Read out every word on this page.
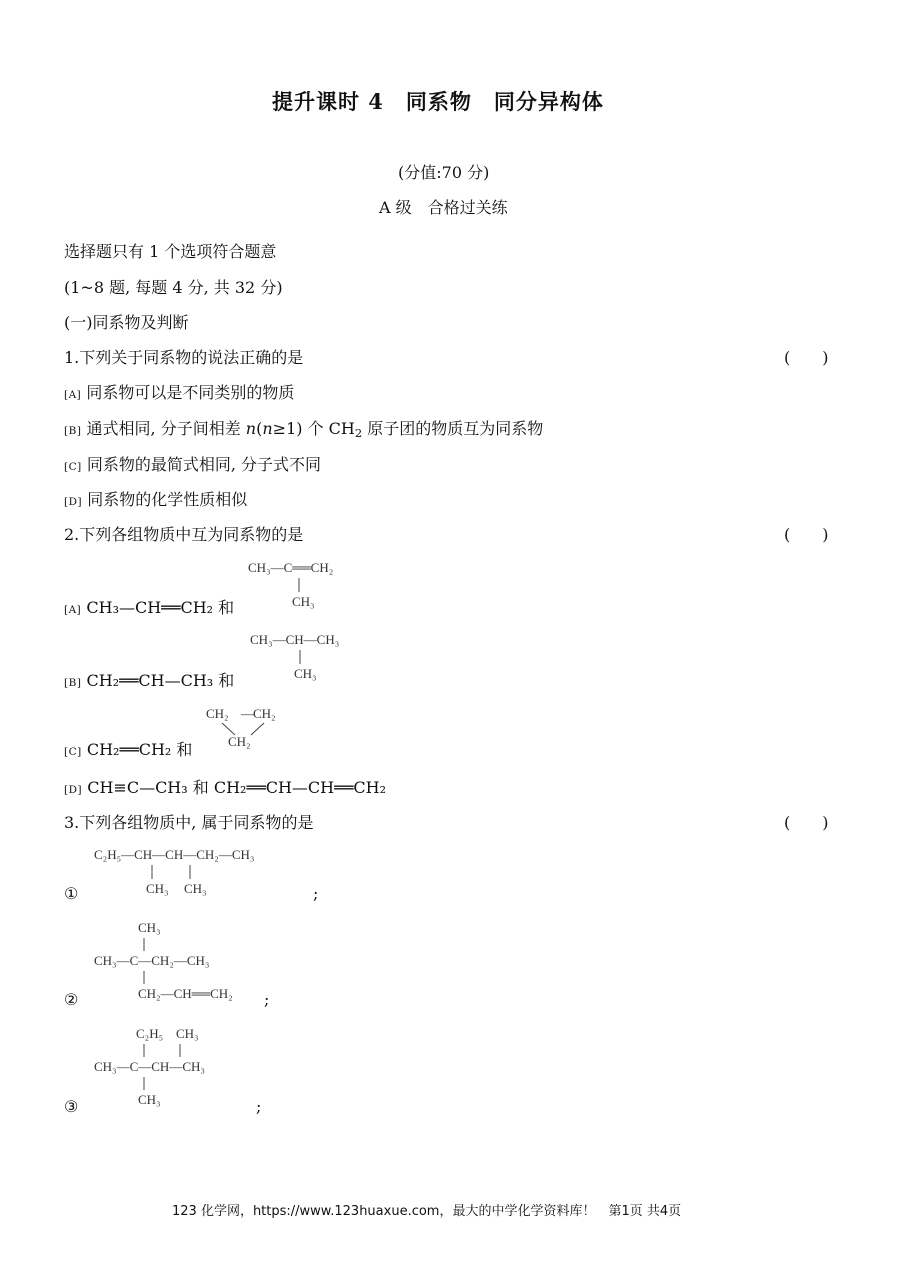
提升课时 4　同系物　同分异构体
(分值:70 分)
A 级　合格过关练
选择题只有 1 个选项符合题意
(1~8 题, 每题 4 分, 共 32 分)
(一)同系物及判断
1.下列关于同系物的说法正确的是	(　　)
[A] 同系物可以是不同类别的物质
[B] 通式相同, 分子间相差 n(n≥1) 个 $CH_2$ 原子团的物质互为同系物
[C] 同系物的最简式相同, 分子式不同
[D] 同系物的化学性质相似
2.下列各组物质中互为同系物的是	(　　)
CH₃—C══CH₂
CH₃
[A] CH₃—CH══CH₂ 和
CH₃—CH—CH₃
CH₃
[B] CH₂══CH—CH₃ 和
CH₂ — CH₂
CH₂
[C] CH₂══CH₂ 和
[D] CH≡C—CH₃ 和 CH₂══CH—CH══CH₂
3.下列各组物质中, 属于同系物的是	(　　)
C₂H₅—CH—CH—CH₂—CH₃
CH₃ CH₃
①	;
CH₃
CH₃—C—CH₂—CH₃
CH₂—CH══CH₂
②	;
C₂H₅ CH₃
CH₃—C—CH—CH₃
CH₃
③	;
123 化学网，https://www.123huaxue.com，最大的中学化学资料库！　第1页 共4页
